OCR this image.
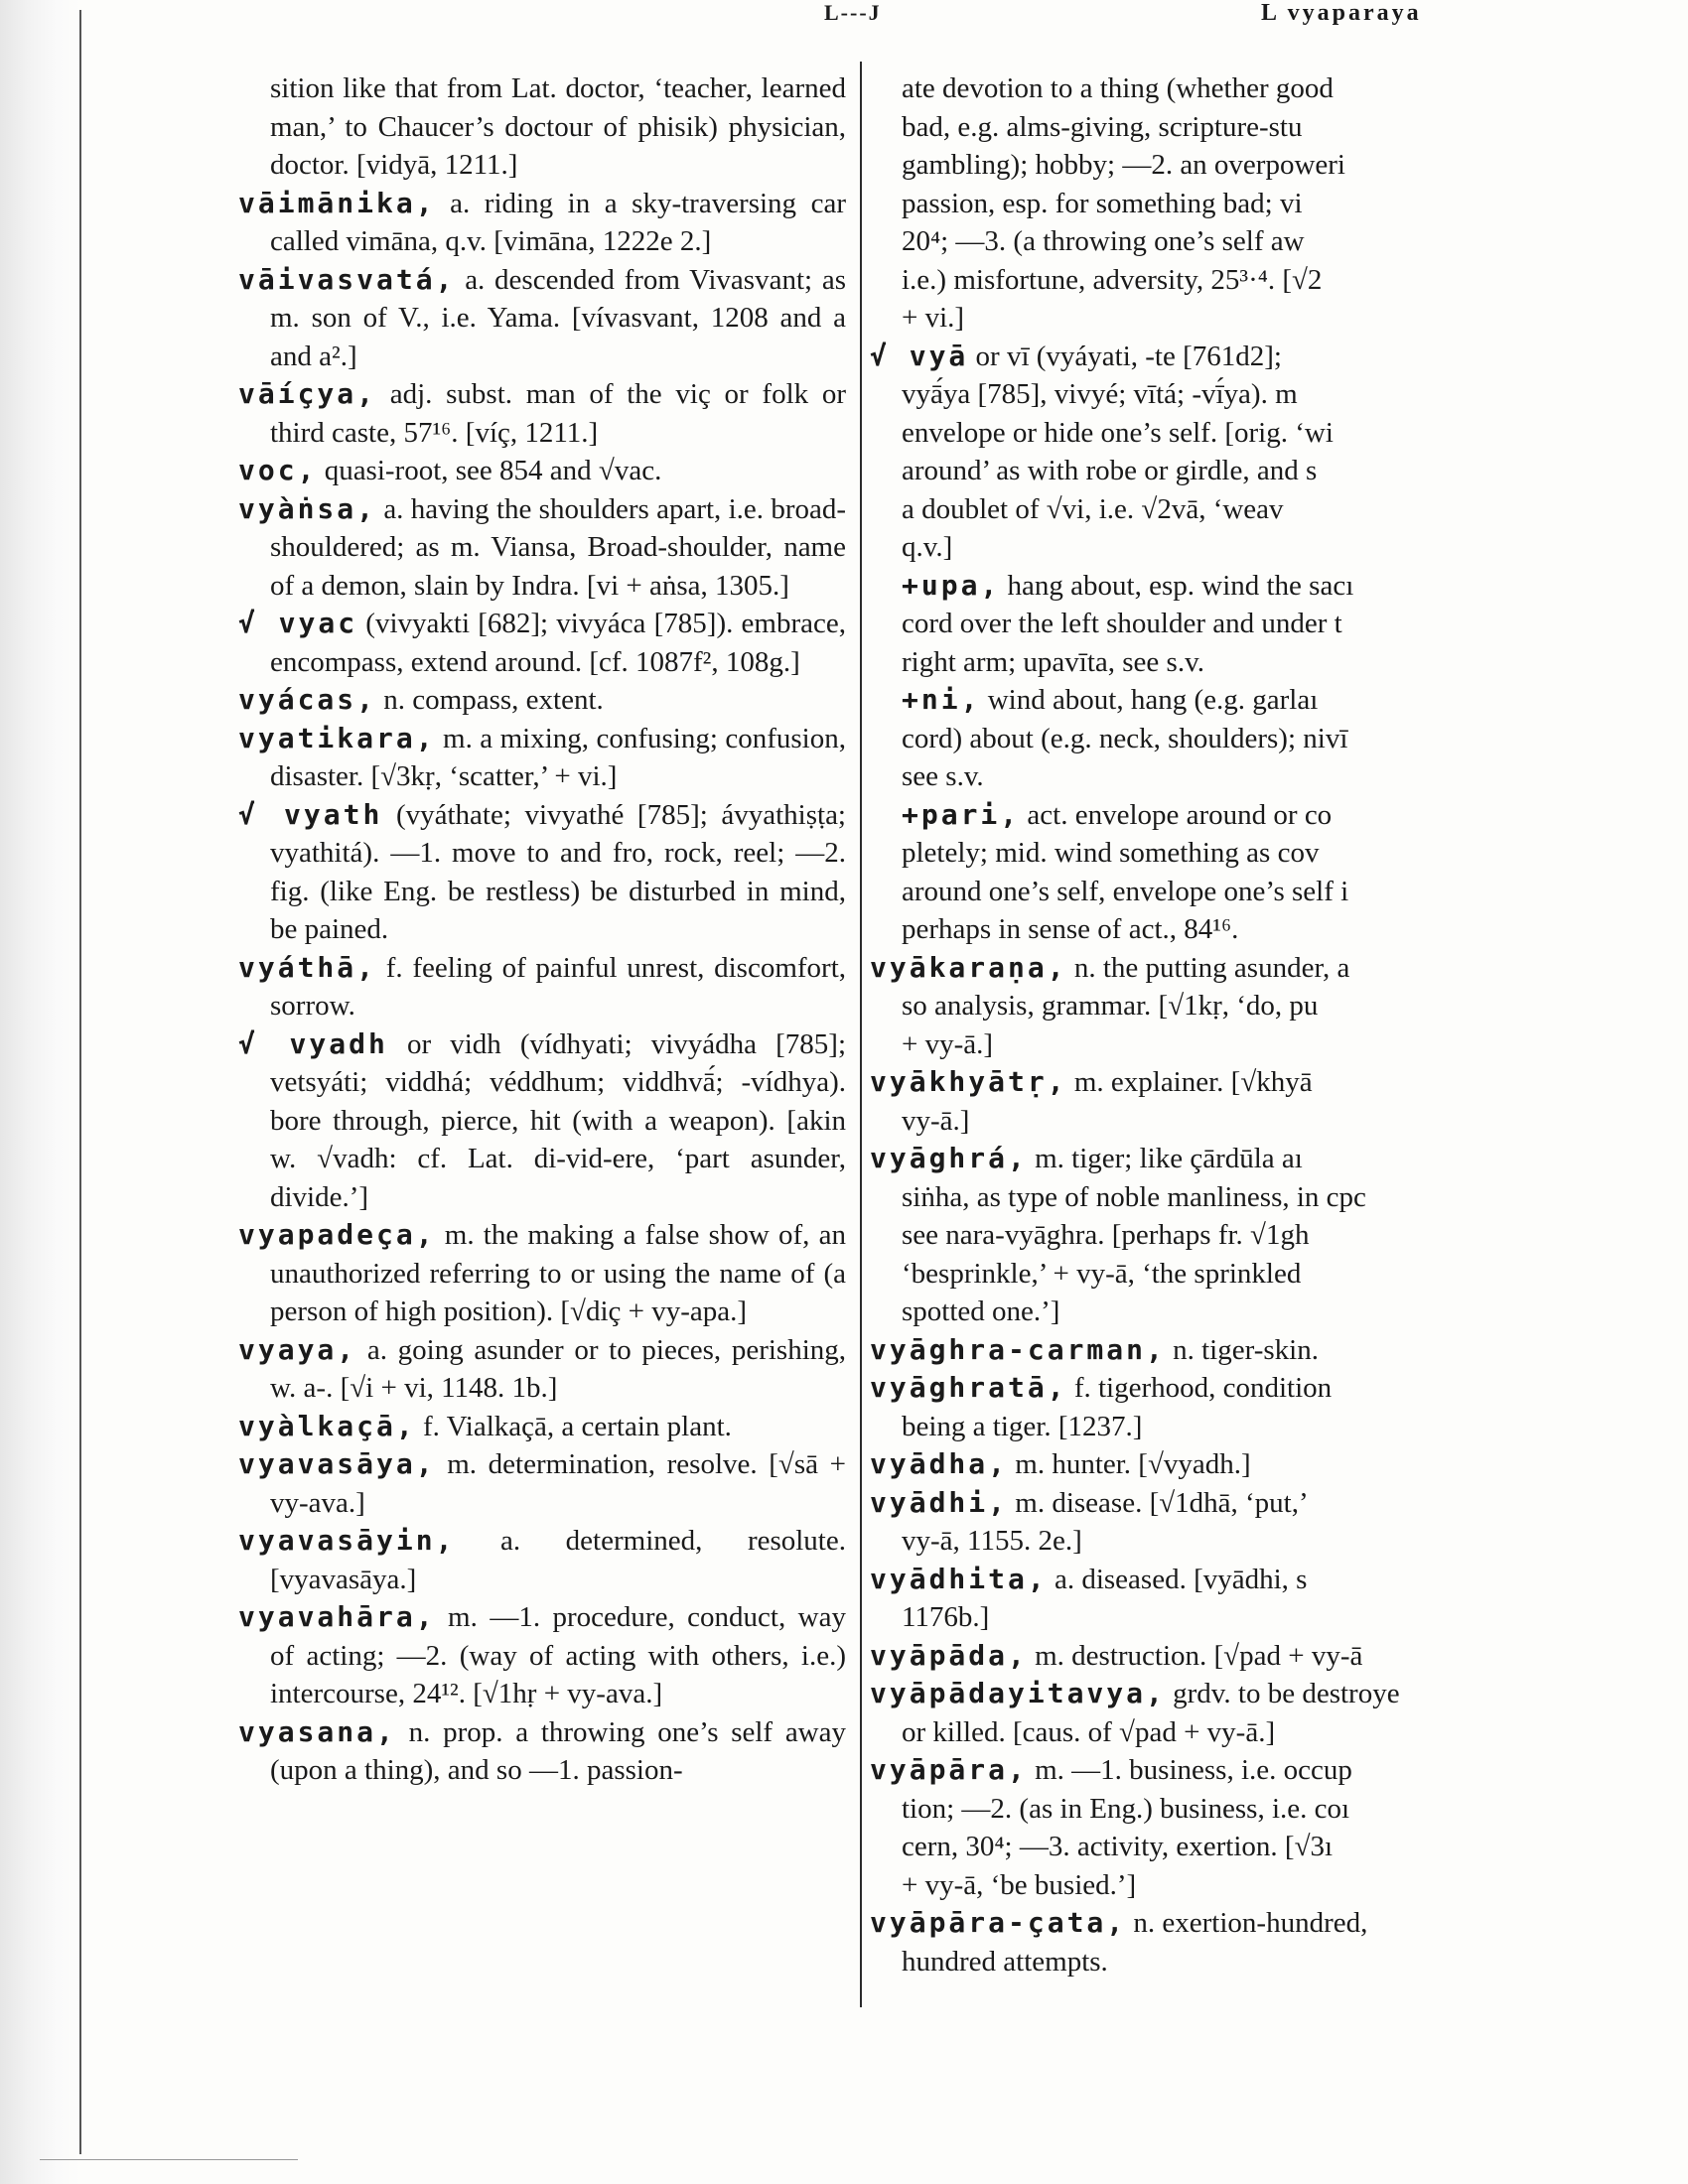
L---J	L vyaparaya
sition like that from Lat. doctor, ‘teacher, learned man,’ to Chaucer’s doctour of phisik) physician, doctor. [vidyā, 1211.]
vāimānika, a. riding in a sky-traversing car called vimāna, q.v. [vimāna, 1222e 2.]
vāivasvatá, a. descended from Vivasvant; as m. son of V., i.e. Yama. [vívasvant, 1208 and a and a².]
vāíçya, adj. subst. man of the viç or folk or third caste, 57¹⁶. [víç, 1211.]
voc, quasi-root, see 854 and √vac.
vyàṅsa, a. having the shoulders apart, i.e. broad-shouldered; as m. Viansa, Broad-shoulder, name of a demon, slain by Indra. [vi + aṅsa, 1305.]
√ vyac (vivyakti [682]; vivyáca [785]). embrace, encompass, extend around. [cf. 1087f², 108g.]
vyácas, n. compass, extent.
vyatikara, m. a mixing, confusing; confusion, disaster. [√3kṛ, ‘scatter,’ + vi.]
√ vyath (vyáthate; vivyathé [785]; ávyathiṣṭa; vyathitá). —1. move to and fro, rock, reel; —2. fig. (like Eng. be restless) be disturbed in mind, be pained.
vyáthā, f. feeling of painful unrest, discomfort, sorrow.
√ vyadh or vidh (vídhyati; vivyádha [785]; vetsyáti; viddhá; véddhum; viddhvā́; -vídhya). bore through, pierce, hit (with a weapon). [akin w. √vadh: cf. Lat. di-vid-ere, ‘part asunder, divide.’]
vyapadeça, m. the making a false show of, an unauthorized referring to or using the name of (a person of high position). [√diç + vy-apa.]
vyaya, a. going asunder or to pieces, perishing, w. a-. [√i + vi, 1148. 1b.]
vyàlkaçā, f. Vialkaçā, a certain plant.
vyavasāya, m. determination, resolve. [√sā + vy-ava.]
vyavasāyin, a. determined, resolute. [vyavasāya.]
vyavahāra, m. —1. procedure, conduct, way of acting; —2. (way of acting with others, i.e.) intercourse, 24¹². [√1hṛ + vy-ava.]
vyasana, n. prop. a throwing one’s self away (upon a thing), and so —1. passion-
ate devotion to a thing (whether good
bad, e.g. alms-giving, scripture-stu
gambling); hobby; —2. an overpoweri
passion, esp. for something bad; vi
20⁴; —3. (a throwing one’s self aw
i.e.) misfortune, adversity, 25³·⁴. [√2
+ vi.]
√ vyā or vī (vyáyati, -te [761d2];
vyā́ya [785], vivyé; vītá; -vī́ya). m
envelope or hide one’s self. [orig. ‘wi
around’ as with robe or girdle, and s
a doublet of √vi, i.e. √2vā, ‘weav
q.v.]
+upa, hang about, esp. wind the sacı
cord over the left shoulder and under t
right arm; upavīta, see s.v.
+ni, wind about, hang (e.g. garlaı
cord) about (e.g. neck, shoulders); nivī
see s.v.
+pari, act. envelope around or co
pletely; mid. wind something as cov
around one’s self, envelope one’s self i
perhaps in sense of act., 84¹⁶.
vyākaraṇa, n. the putting asunder, a
so analysis, grammar. [√1kṛ, ‘do, pu
+ vy-ā.]
vyākhyātṛ, m. explainer. [√khyā
vy-ā.]
vyāghrá, m. tiger; like çārdūla aı
siṅha, as type of noble manliness, in cpc
see nara-vyāghra. [perhaps fr. √1gh
‘besprinkle,’ + vy-ā, ‘the sprinkled
spotted one.’]
vyāghra-carman, n. tiger-skin.
vyāghratā, f. tigerhood, condition
being a tiger. [1237.]
vyādha, m. hunter. [√vyadh.]
vyādhi, m. disease. [√1dhā, ‘put,’
vy-ā, 1155. 2e.]
vyādhita, a. diseased. [vyādhi, s
1176b.]
vyāpāda, m. destruction. [√pad + vy-ā
vyāpādayitavya, grdv. to be destroye
or killed. [caus. of √pad + vy-ā.]
vyāpāra, m. —1. business, i.e. occup
tion; —2. (as in Eng.) business, i.e. coı
cern, 30⁴; —3. activity, exertion. [√3ı
+ vy-ā, ‘be busied.’]
vyāpāra-çata, n. exertion-hundred,
hundred attempts.
